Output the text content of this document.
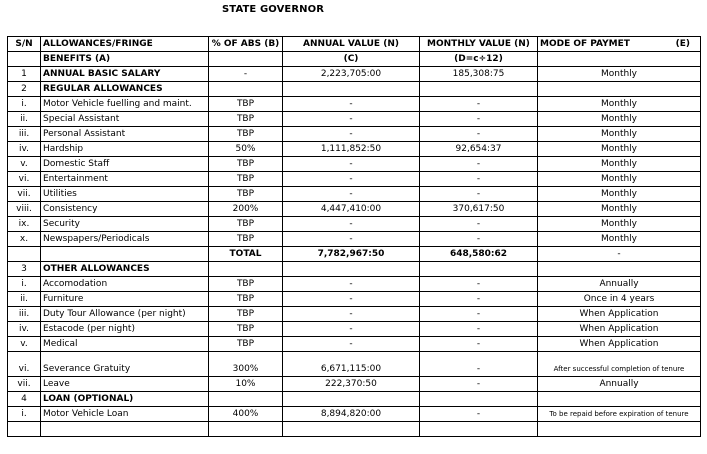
STATE GOVERNOR
S/N	ALLOWANCES/FRINGE	% OF ABS (B)	ANNUAL VALUE (N)	MONTHLY VALUE (N)	MODE OF PAYMET (E)

	BENEFITS (A)		(C)	(D=c÷12)	
1	ANNUAL BASIC SALARY	-	2,223,705:00	185,308:75	Monthly
2	REGULAR ALLOWANCES				
i.	Motor Vehicle fuelling and maint.	TBP	-	-	Monthly
ii.	Special Assistant	TBP	-	-	Monthly
iii.	Personal Assistant	TBP	-	-	Monthly
iv.	Hardship	50%	1,111,852:50	92,654:37	Monthly
v.	Domestic Staff	TBP	-	-	Monthly
vi.	Entertainment	TBP	-	-	Monthly
vii.	Utilities	TBP	-	-	Monthly
viii.	Consistency	200%	4,447,410:00	370,617:50	Monthly
ix.	Security	TBP	-	-	Monthly
x.	Newspapers/Periodicals	TBP	-	-	Monthly
		TOTAL	7,782,967:50	648,580:62	-
3	OTHER ALLOWANCES				
i.	Accomodation	TBP	-	-	Annually
ii.	Furniture	TBP	-	-	Once in 4 years
iii.	Duty Tour Allowance (per night)	TBP	-	-	When Application
iv.	Estacode (per night)	TBP	-	-	When Application
v.	Medical	TBP	-	-	When Application
vi.	Severance Gratuity	300%	6,671,115:00	-	After successful completion of tenure
vii.	Leave	10%	222,370:50	-	Annually
4	LOAN (OPTIONAL)				
i.	Motor Vehicle Loan	400%	8,894,820:00	-	To be repaid before expiration of tenure
